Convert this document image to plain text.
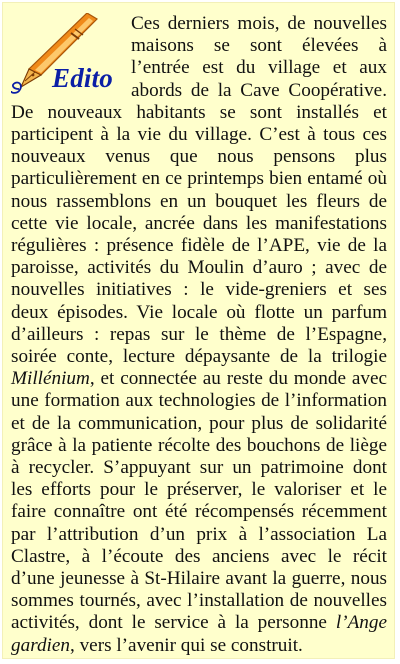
Edito

Ces derniers mois, de nouvelles maisons se sont élevées à l’entrée est du village et aux abords de la Cave Coopérative. De nouveaux habitants se sont installés et participent à la vie du village. C’est à tous ces nouveaux venus que nous pensons plus particulièrement en ce printemps bien entamé où nous rassemblons en un bouquet les fleurs de cette vie locale, ancrée dans les manifestations régulières : présence fidèle de l’APE, vie de la paroisse, activités du Moulin d’auro ; avec de nouvelles initiatives : le vide-greniers et ses deux épisodes. Vie locale où flotte un parfum d’ailleurs : repas sur le thème de l’Espagne, soirée conte, lecture dépaysante de la trilogie Millénium, et connectée au reste du monde avec une formation aux technologies de l’information et de la communication, pour plus de solidarité grâce à la patiente récolte des bouchons de liège à recycler. S’appuyant sur un patrimoine dont les efforts pour le préserver, le valoriser et le faire connaître ont été récompensés récemment par l’attribution d’un prix à l’association La Clastre, à l’écoute des anciens avec le récit d’une jeunesse à St-Hilaire avant la guerre, nous sommes tournés, avec l’installation de nouvelles activités, dont le service à la personne l’Ange gardien, vers l’avenir qui se construit.
